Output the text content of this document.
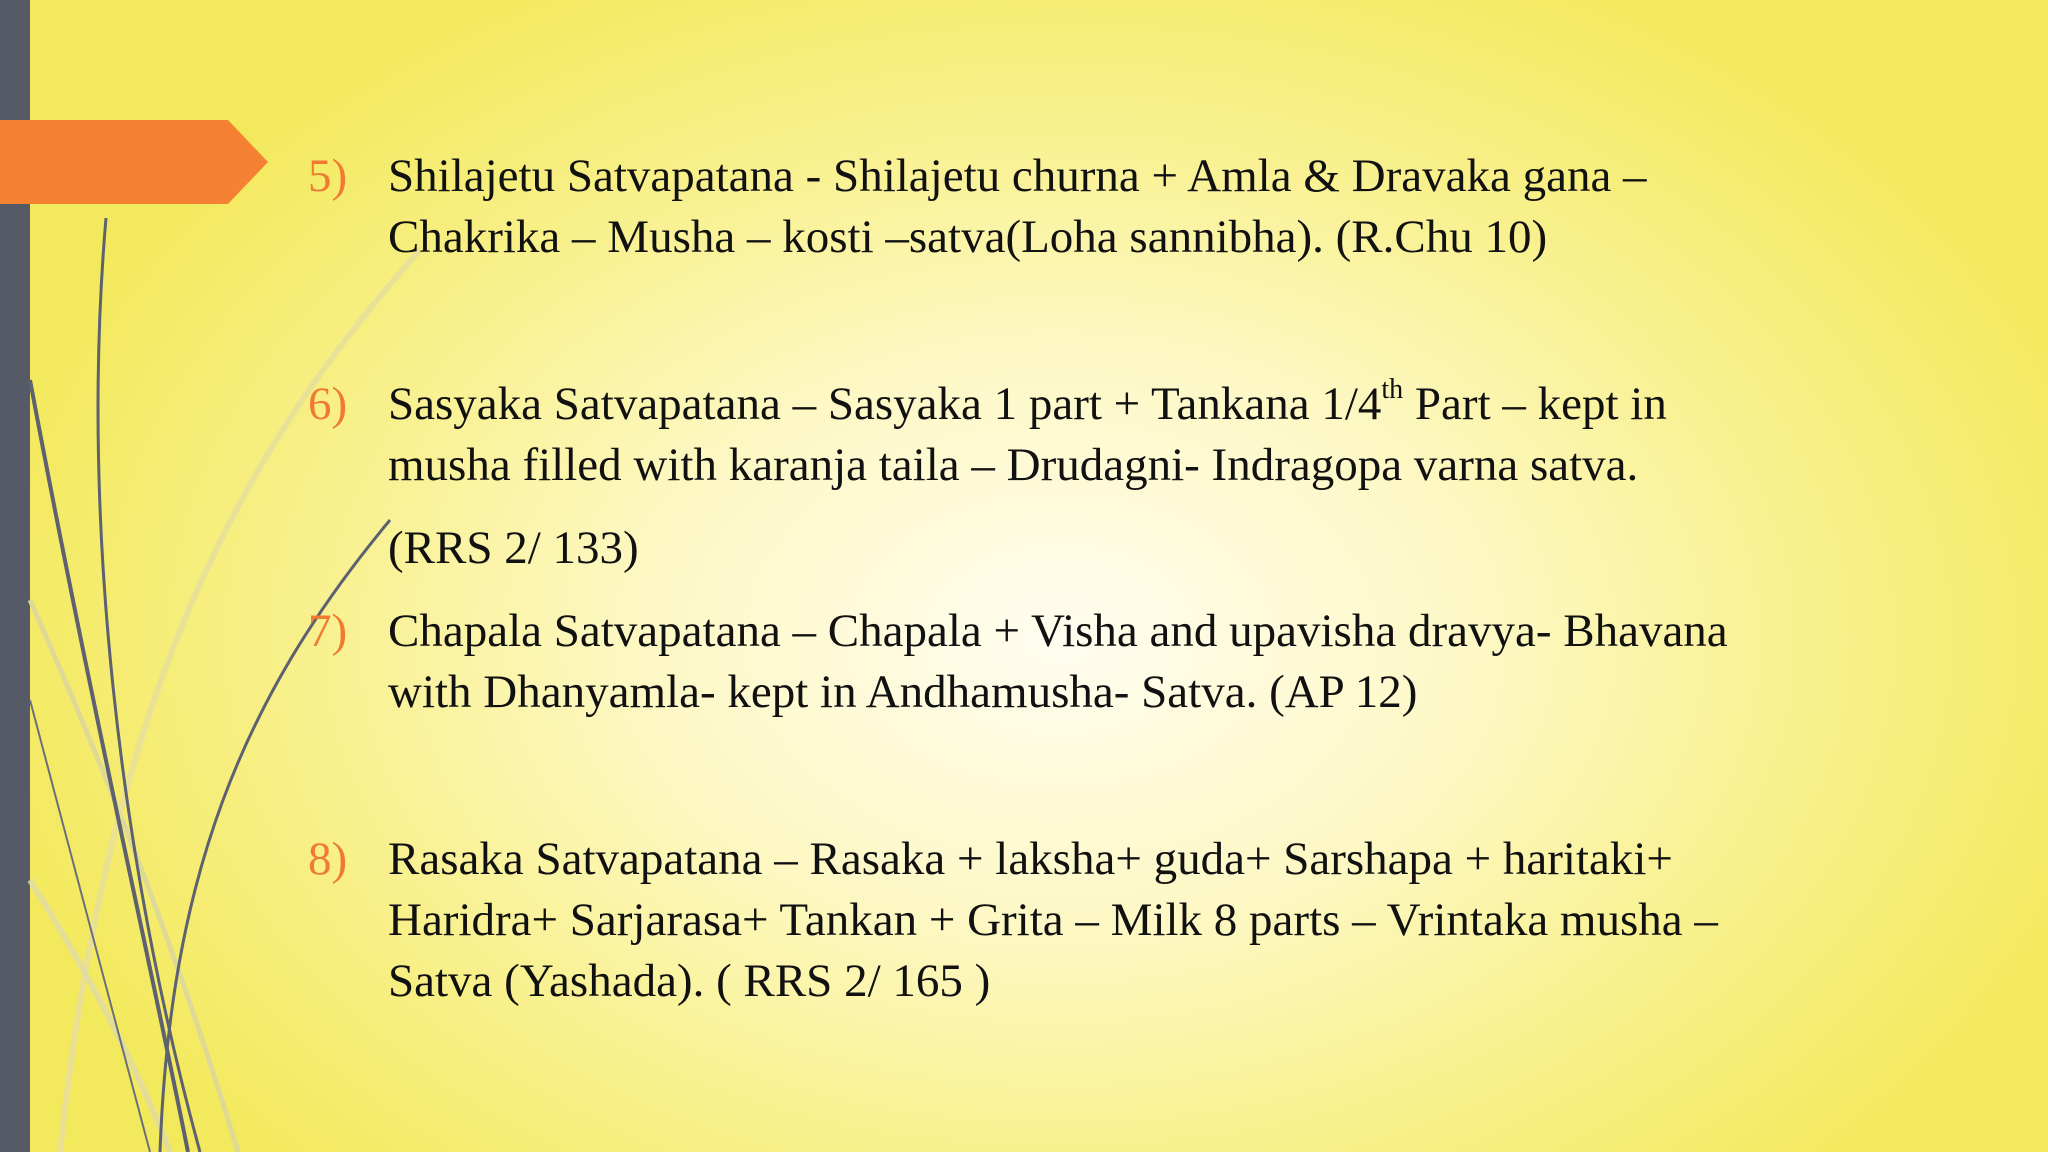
5) Shilajetu Satvapatana - Shilajetu churna + Amla & Dravaka gana –
Chakrika – Musha – kosti –satva(Loha sannibha). (R.Chu 10)
6) Sasyaka Satvapatana – Sasyaka 1 part + Tankana 1/4th Part – kept in
musha filled with karanja taila – Drudagni- Indragopa varna satva.
(RRS 2/ 133)
7) Chapala Satvapatana – Chapala + Visha and upavisha dravya- Bhavana
with Dhanyamla- kept in Andhamusha- Satva. (AP 12)
8) Rasaka Satvapatana – Rasaka + laksha+ guda+ Sarshapa + haritaki+
Haridra+ Sarjarasa+ Tankan + Grita – Milk 8 parts – Vrintaka musha –
Satva (Yashada). ( RRS 2/ 165 )
